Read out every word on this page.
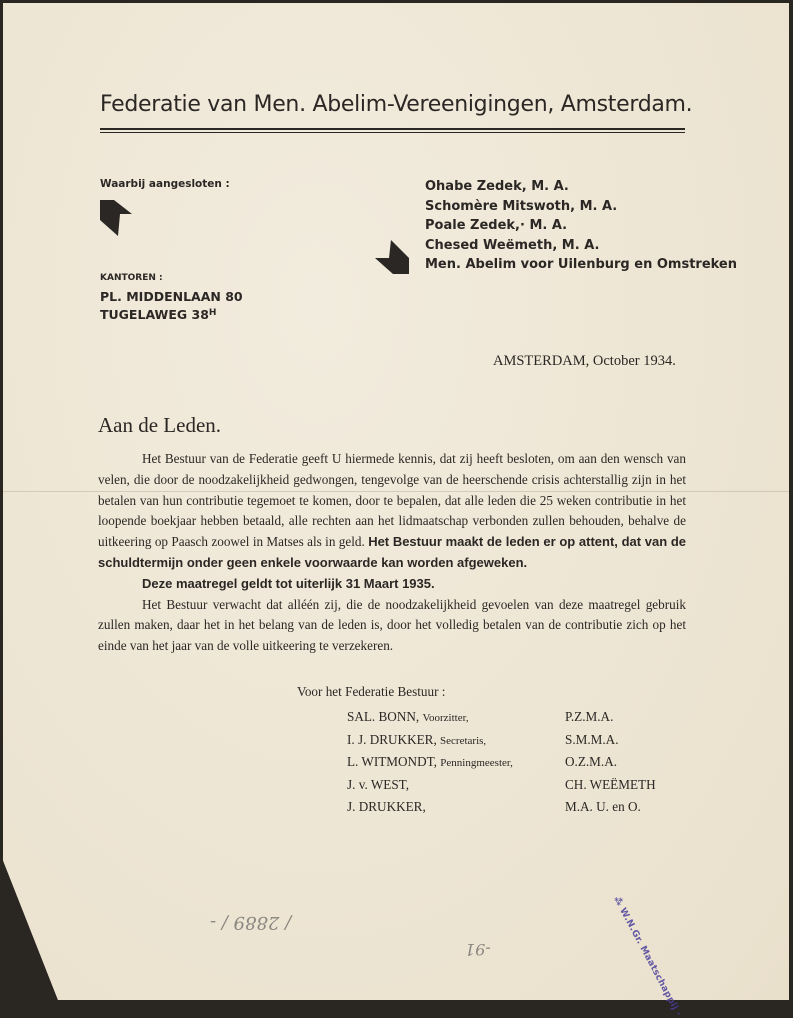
Federatie van Men. Abelim-Vereenigingen, Amsterdam.
Waarbij aangesloten :	Ohabe Zedek, M. A.
Schomère Mitswoth, M. A.
Poale Zedek,· M. A.
Chesed Weëmeth, M. A.
Men. Abelim voor Uilenburg en Omstreken
KANTOREN :
PL. MIDDENLAAN 80
TUGELAWEG $38^H$
AMSTERDAM, October 1934.
Aan de Leden.

Het Bestuur van de Federatie geeft U hiermede kennis, dat zij heeft besloten, om aan den wensch van velen, die door de noodzakelijkheid gedwongen, tengevolge van de heerschende crisis achterstallig zijn in het betalen van hun contributie tegemoet te komen, door te bepalen, dat alle leden die 25 weken contributie in het loopende boekjaar hebben betaald, alle rechten aan het lidmaatschap verbonden zullen behouden, behalve de uitkeering op Paasch zoowel in Matses als in geld. Het Bestuur maakt de leden er op attent, dat van de schuldtermijn onder geen enkele voorwaarde kan worden afgeweken.

Deze maatregel geldt tot uiterlijk 31 Maart 1935.

Het Bestuur verwacht dat alléén zij, die de noodzakelijkheid gevoelen van deze maatregel gebruik zullen maken, daar het in het belang van de leden is, door het volledig betalen van de contributie zich op het einde van het jaar van de volle uitkeering te verzekeren.

Voor het Federatie Bestuur :
SAL. BONN, Voorzitter,	P.Z.M.A.
I. J. DRUKKER, Secretaris,	S.M.M.A.
L. WITMONDT, Penningmeester,	O.Z.M.A.
J. v. WEST,	CH. WEËMETH
J. DRUKKER,	M.A. U. en O.
⁂ W.N.Gr. Maatschappij ·
/ 2889 / -
-91
